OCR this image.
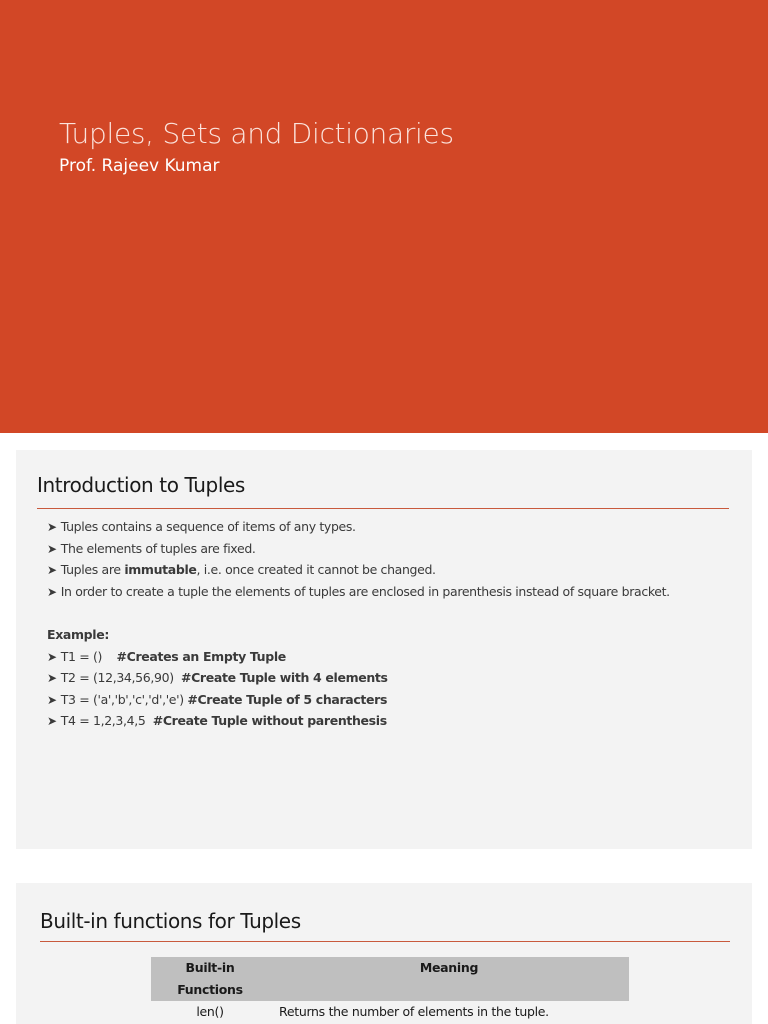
Tuples, Sets and Dictionaries
Prof. Rajeev Kumar
Introduction to Tuples
➤ Tuples contains a sequence of items of any types.
➤ The elements of tuples are fixed.
➤ Tuples are immutable, i.e. once created it cannot be changed.
➤ In order to create a tuple the elements of tuples are enclosed in parenthesis instead of square bracket.
Example:
➤ T1 = ()    #Creates an Empty Tuple
➤ T2 = (12,34,56,90)  #Create Tuple with 4 elements
➤ T3 = ('a','b','c','d','e') #Create Tuple of 5 characters
➤ T4 = 1,2,3,4,5  #Create Tuple without parenthesis
Built-in functions for Tuples
Built-in Functions	Meaning
len()	Returns the number of elements in the tuple.
